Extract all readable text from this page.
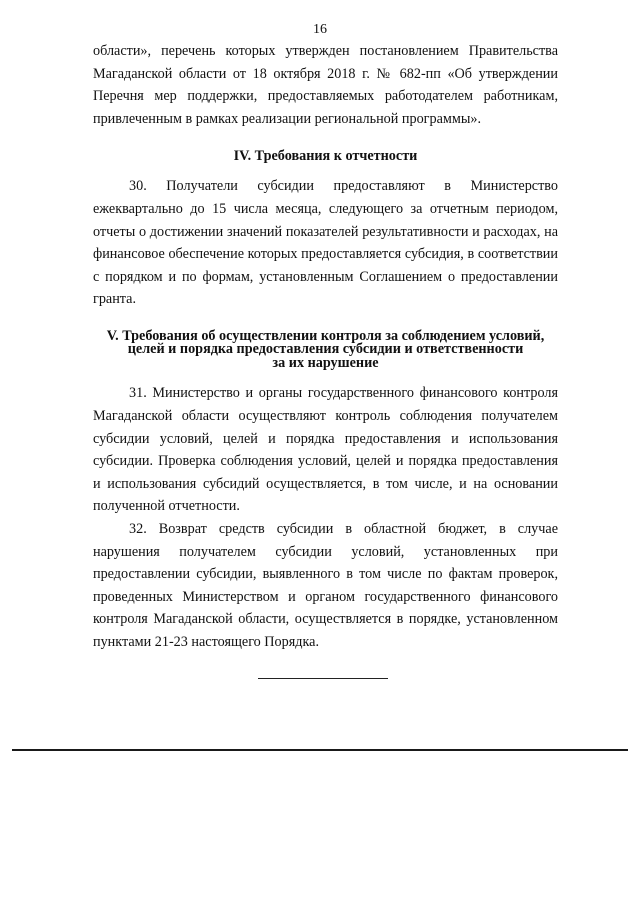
16

области», перечень которых утвержден постановлением Правительства Магаданской области от 18 октября 2018 г. № 682-пп «Об утверждении Перечня мер поддержки, предоставляемых работодателем работникам, привлеченным в рамках реализации региональной программы».

IV. Требования к отчетности

30. Получатели субсидии предоставляют в Министерство ежеквартально до 15 числа месяца, следующего за отчетным периодом, отчеты о достижении значений показателей результативности и расходах, на финансовое обеспечение которых предоставляется субсидия, в соответствии с порядком и по формам, установленным Соглашением о предоставлении гранта.

V. Требования об осуществлении контроля за соблюдением условий,
целей и порядка предоставления субсидии и ответственности
за их нарушение

31. Министерство и органы государственного финансового контроля Магаданской области осуществляют контроль соблюдения получателем субсидии условий, целей и порядка предоставления и использования субсидии. Проверка соблюдения условий, целей и порядка предоставления и использования субсидий осуществляется, в том числе, и на основании полученной отчетности.

32. Возврат средств субсидии в областной бюджет, в случае нарушения получателем субсидии условий, установленных при предоставлении субсидии, выявленного в том числе по фактам проверок, проведенных Министерством и органом государственного финансового контроля Магаданской области, осуществляется в порядке, установленном пунктами 21-23 настоящего Порядка.
